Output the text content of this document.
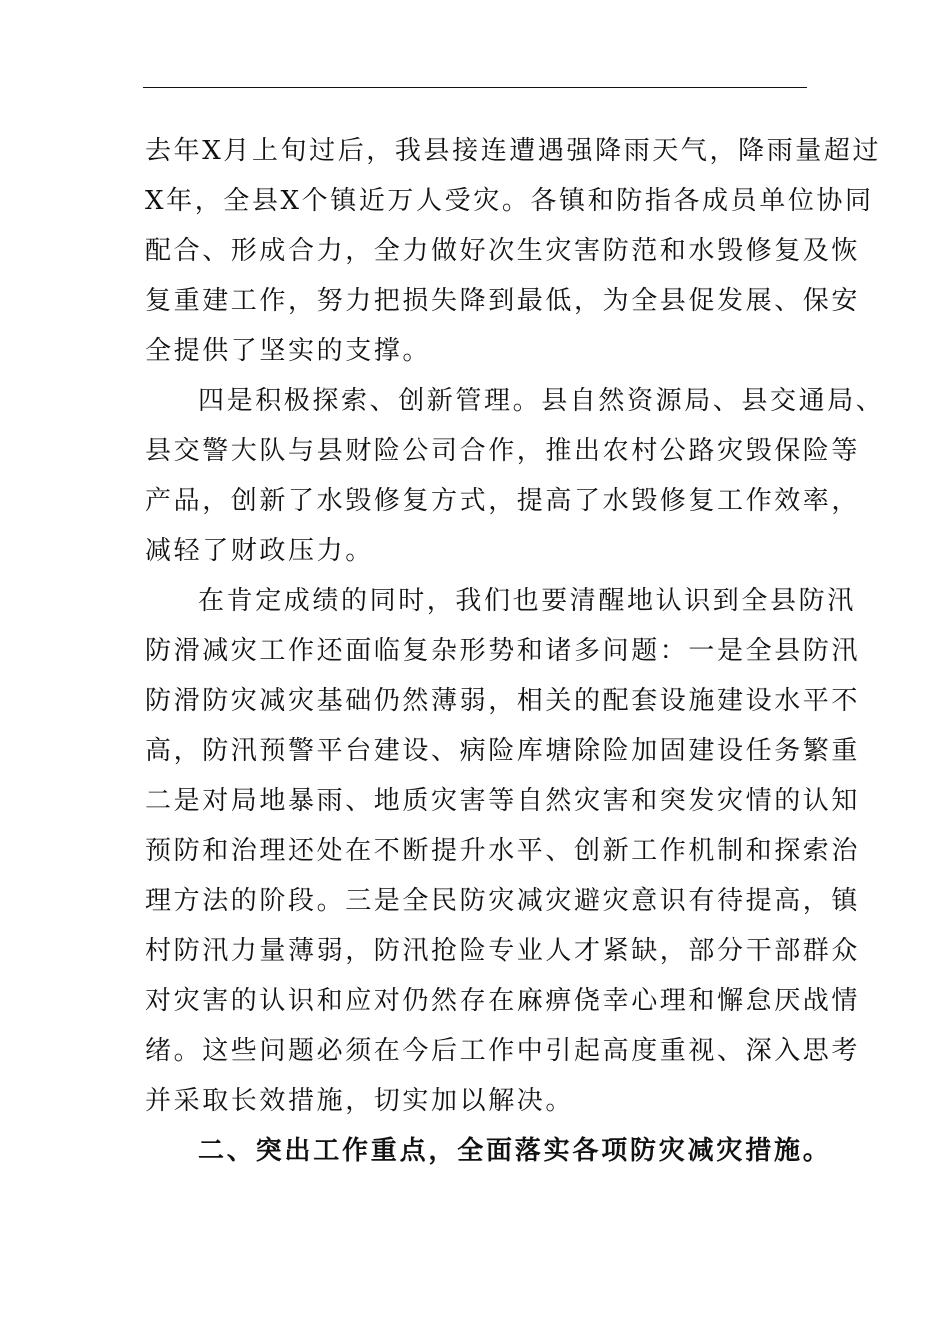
去年X月上旬过后，我县接连遭遇强降雨天气，降雨量超过
X年，全县X个镇近万人受灾。各镇和防指各成员单位协同
配合、形成合力，全力做好次生灾害防范和水毁修复及恢
复重建工作，努力把损失降到最低，为全县促发展、保安
全提供了坚实的支撑。
四是积极探索、创新管理。县自然资源局、县交通局、
县交警大队与县财险公司合作，推出农村公路灾毁保险等
产品，创新了水毁修复方式，提高了水毁修复工作效率，
减轻了财政压力。
在肯定成绩的同时，我们也要清醒地认识到全县防汛
防滑减灾工作还面临复杂形势和诸多问题：一是全县防汛
防滑防灾减灾基础仍然薄弱，相关的配套设施建设水平不
高，防汛预警平台建设、病险库塘除险加固建设任务繁重
二是对局地暴雨、地质灾害等自然灾害和突发灾情的认知
预防和治理还处在不断提升水平、创新工作机制和探索治
理方法的阶段。三是全民防灾减灾避灾意识有待提高，镇
村防汛力量薄弱，防汛抢险专业人才紧缺，部分干部群众
对灾害的认识和应对仍然存在麻痹侥幸心理和懈怠厌战情
绪。这些问题必须在今后工作中引起高度重视、深入思考
并采取长效措施，切实加以解决。
二、突出工作重点，全面落实各项防灾减灾措施。
